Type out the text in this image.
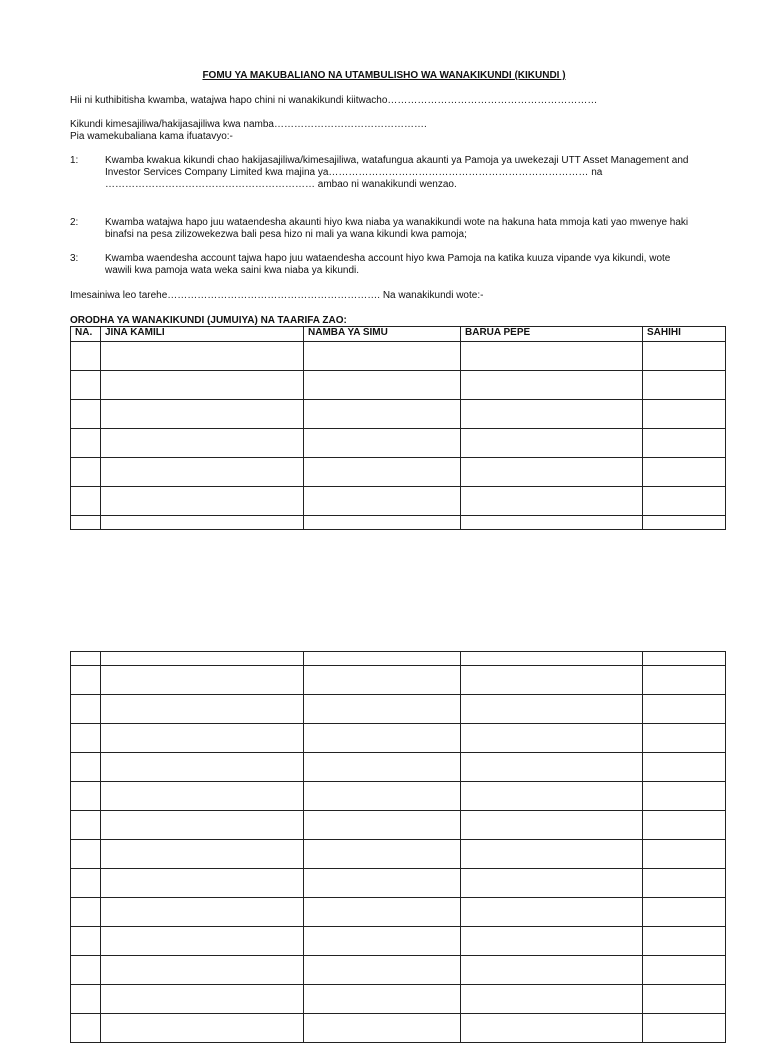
FOMU YA MAKUBALIANO NA UTAMBULISHO WA WANAKIKUNDI (KIKUNDI )
Hii ni kuthibitisha kwamba, watajwa hapo chini ni wanakikundi kiitwacho………………………………………………………
Kikundi kimesajiliwa/hakijasajiliwa kwa namba……………………………………….
Pia wamekubaliana kama ifuatavyo:-
1:	Kwamba kwakua kikundi chao hakijasajiliwa/kimesajiliwa, watafungua akaunti ya Pamoja ya uwekezaji UTT Asset Management and Investor Services Company Limited kwa majina ya…………………………………………………………………… na ……………………………………………………… ambao ni wanakikundi wenzao.
2:	Kwamba watajwa hapo juu wataendesha akaunti hiyo kwa niaba ya wanakikundi wote na hakuna hata mmoja kati yao mwenye haki binafsi na pesa zilizowekezwa bali pesa hizo ni mali ya wana kikundi kwa pamoja;
3:	Kwamba waendesha account tajwa hapo juu wataendesha account hiyo kwa Pamoja na katika kuuza vipande vya kikundi, wote wawili kwa pamoja wata weka saini kwa niaba ya kikundi.
Imesainiwa leo tarehe………………………………………………………. Na wanakikundi wote:-
ORODHA YA WANAKIKUNDI (JUMUIYA) NA TAARIFA ZAO:
NA.	JINA KAMILI	NAMBA YA SIMU	BARUA PEPE	SAHIHI
